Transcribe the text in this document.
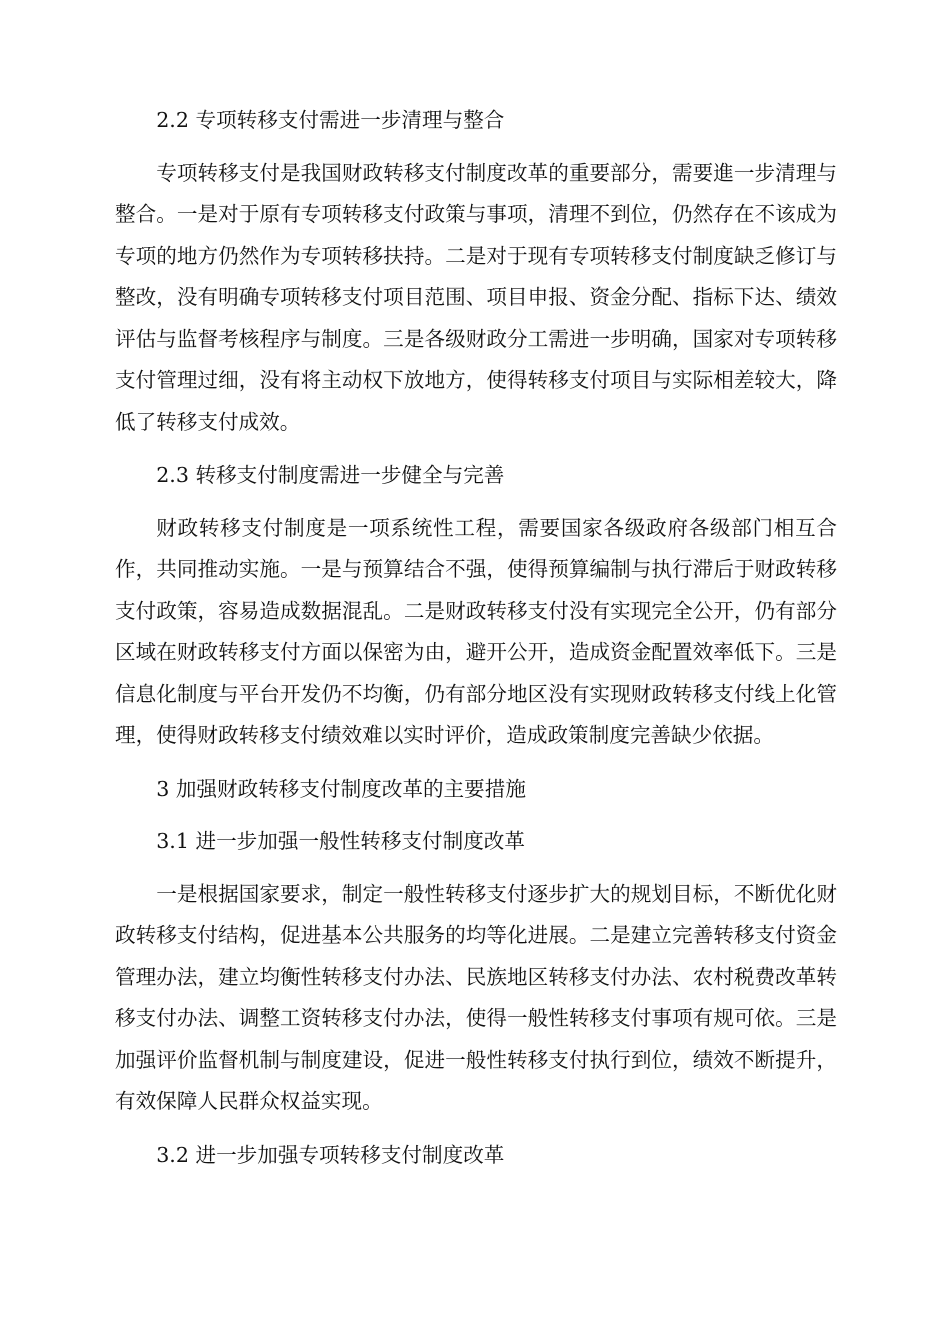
2.2 专项转移支付需进一步清理与整合

专项转移支付是我国财政转移支付制度改革的重要部分，需要進一步清理与整合。一是对于原有专项转移支付政策与事项，清理不到位，仍然存在不该成为专项的地方仍然作为专项转移扶持。二是对于现有专项转移支付制度缺乏修订与整改，没有明确专项转移支付项目范围、项目申报、资金分配、指标下达、绩效评估与监督考核程序与制度。三是各级财政分工需进一步明确，国家对专项转移支付管理过细，没有将主动权下放地方，使得转移支付项目与实际相差较大，降低了转移支付成效。

2.3 转移支付制度需进一步健全与完善

财政转移支付制度是一项系统性工程，需要国家各级政府各级部门相互合作，共同推动实施。一是与预算结合不强，使得预算编制与执行滞后于财政转移支付政策，容易造成数据混乱。二是财政转移支付没有实现完全公开，仍有部分区域在财政转移支付方面以保密为由，避开公开，造成资金配置效率低下。三是信息化制度与平台开发仍不均衡，仍有部分地区没有实现财政转移支付线上化管理，使得财政转移支付绩效难以实时评价，造成政策制度完善缺少依据。

3 加强财政转移支付制度改革的主要措施

3.1 进一步加强一般性转移支付制度改革

一是根据国家要求，制定一般性转移支付逐步扩大的规划目标，不断优化财政转移支付结构，促进基本公共服务的均等化进展。二是建立完善转移支付资金管理办法，建立均衡性转移支付办法、民族地区转移支付办法、农村税费改革转移支付办法、调整工资转移支付办法，使得一般性转移支付事项有规可依。三是加强评价监督机制与制度建设，促进一般性转移支付执行到位，绩效不断提升，有效保障人民群众权益实现。

3.2 进一步加强专项转移支付制度改革
